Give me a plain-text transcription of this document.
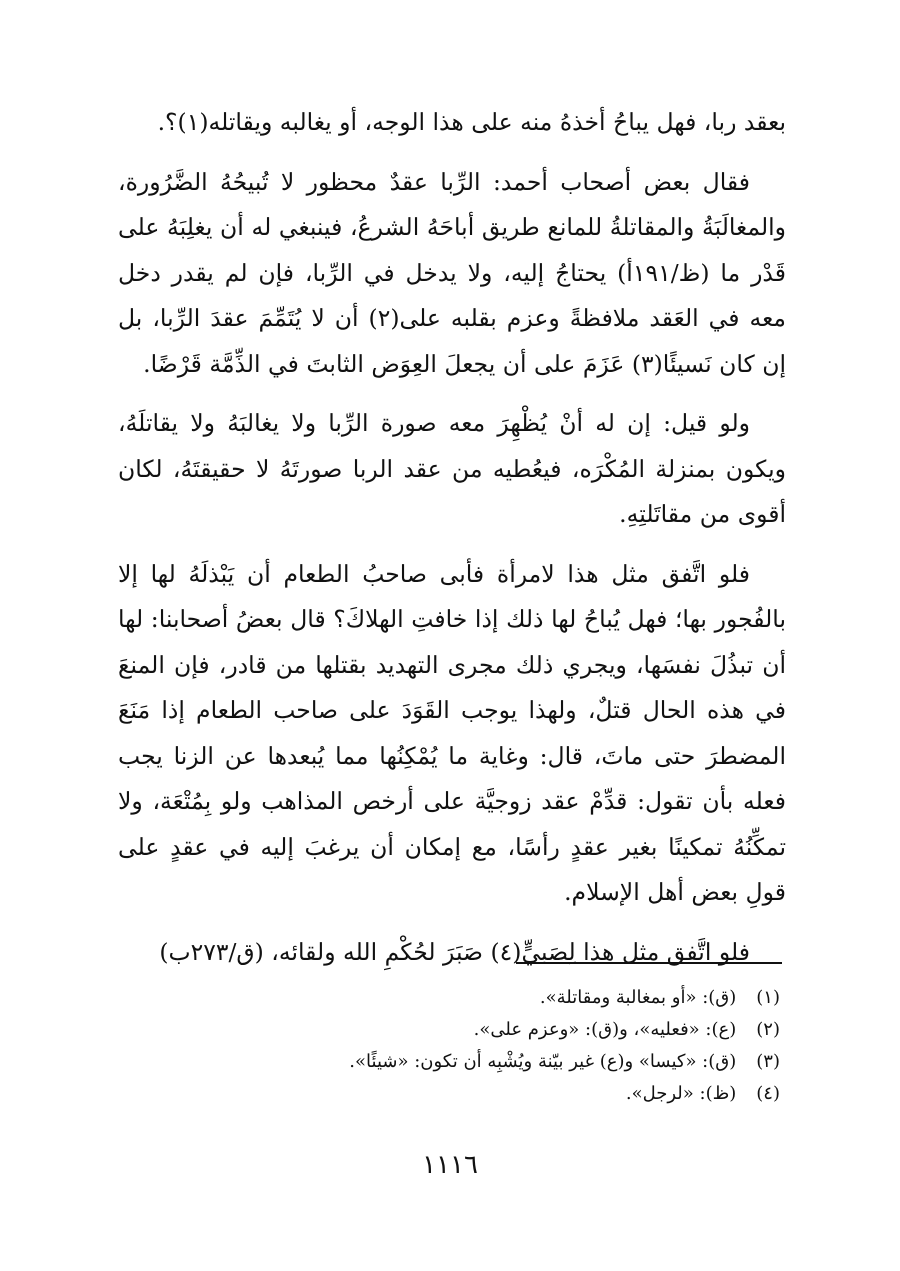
بعقد ربا، فهل يباحُ أخذهُ منه على هذا الوجه، أو يغالبه ويقاتله(١)؟.

فقال بعض أصحاب أحمد: الرِّبا عقدٌ محظور لا تُبيحُهُ الضَّرُورة، والمغالَبَةُ والمقاتلةُ للمانع طريق أباحَهُ الشرعُ، فينبغي له أن يغلِبَهُ على قَدْر ما (ظ/١٩١أ) يحتاجُ إليه، ولا يدخل في الرِّبا، فإن لم يقدر دخل معه في العَقد ملافظةً وعزم بقلبه على(٢) أن لا يُتَمِّمَ عقدَ الرِّبا، بل إن كان نَسيئًا(٣) عَزَمَ على أن يجعلَ العِوَض الثابتَ في الذِّمَّة قَرْضًا.

ولو قيل: إن له أنْ يُظْهِرَ معه صورة الرِّبا ولا يغالبَهُ ولا يقاتلَهُ، ويكون بمنزلة المُكْرَه، فيعُطيه من عقد الربا صورتَهُ لا حقيقتَهُ، لكان أقوى من مقاتَلتِهِ.

فلو اتَّفق مثل هذا لامرأة فأبى صاحبُ الطعام أن يَبْذلَهُ لها إلا بالفُجور بها؛ فهل يُباحُ لها ذلك إذا خافتِ الهلاكَ؟ قال بعضُ أصحابنا: لها أن تبذُلَ نفسَها، ويجري ذلك مجرى التهديد بقتلها من قادر، فإن المنعَ في هذه الحال قتلٌ، ولهذا يوجب القَوَدَ على صاحب الطعام إذا مَنَعَ المضطرَ حتى ماتَ، قال: وغاية ما يُمْكِنُها مما يُبعدها عن الزنا يجب فعله بأن تقول: قدِّمْ عقد زوجيَّة على أرخص المذاهب ولو بِمُتْعَة، ولا تمكِّنُهُ تمكينًا بغير عقدٍ رأسًا، مع إمكان أن يرغبَ إليه في عقدٍ على قولِ بعض أهل الإسلام.

فلو اتَّفق مثل هذا لِصَبيٍّ(٤) صَبَرَ لحُكْمِ الله ولقائه، (ق/٢٧٣ب)

(١) (ق): «أو بمغالبة ومقاتلة».
(٢) (ع): «فعليه»، و(ق): «وعزم على».
(٣) (ق): «كيسا» و(ع) غير بيّنة ويُشْبِه أن تكون: «شيئًا».
(٤) (ظ): «لرجل».
١١١٦
